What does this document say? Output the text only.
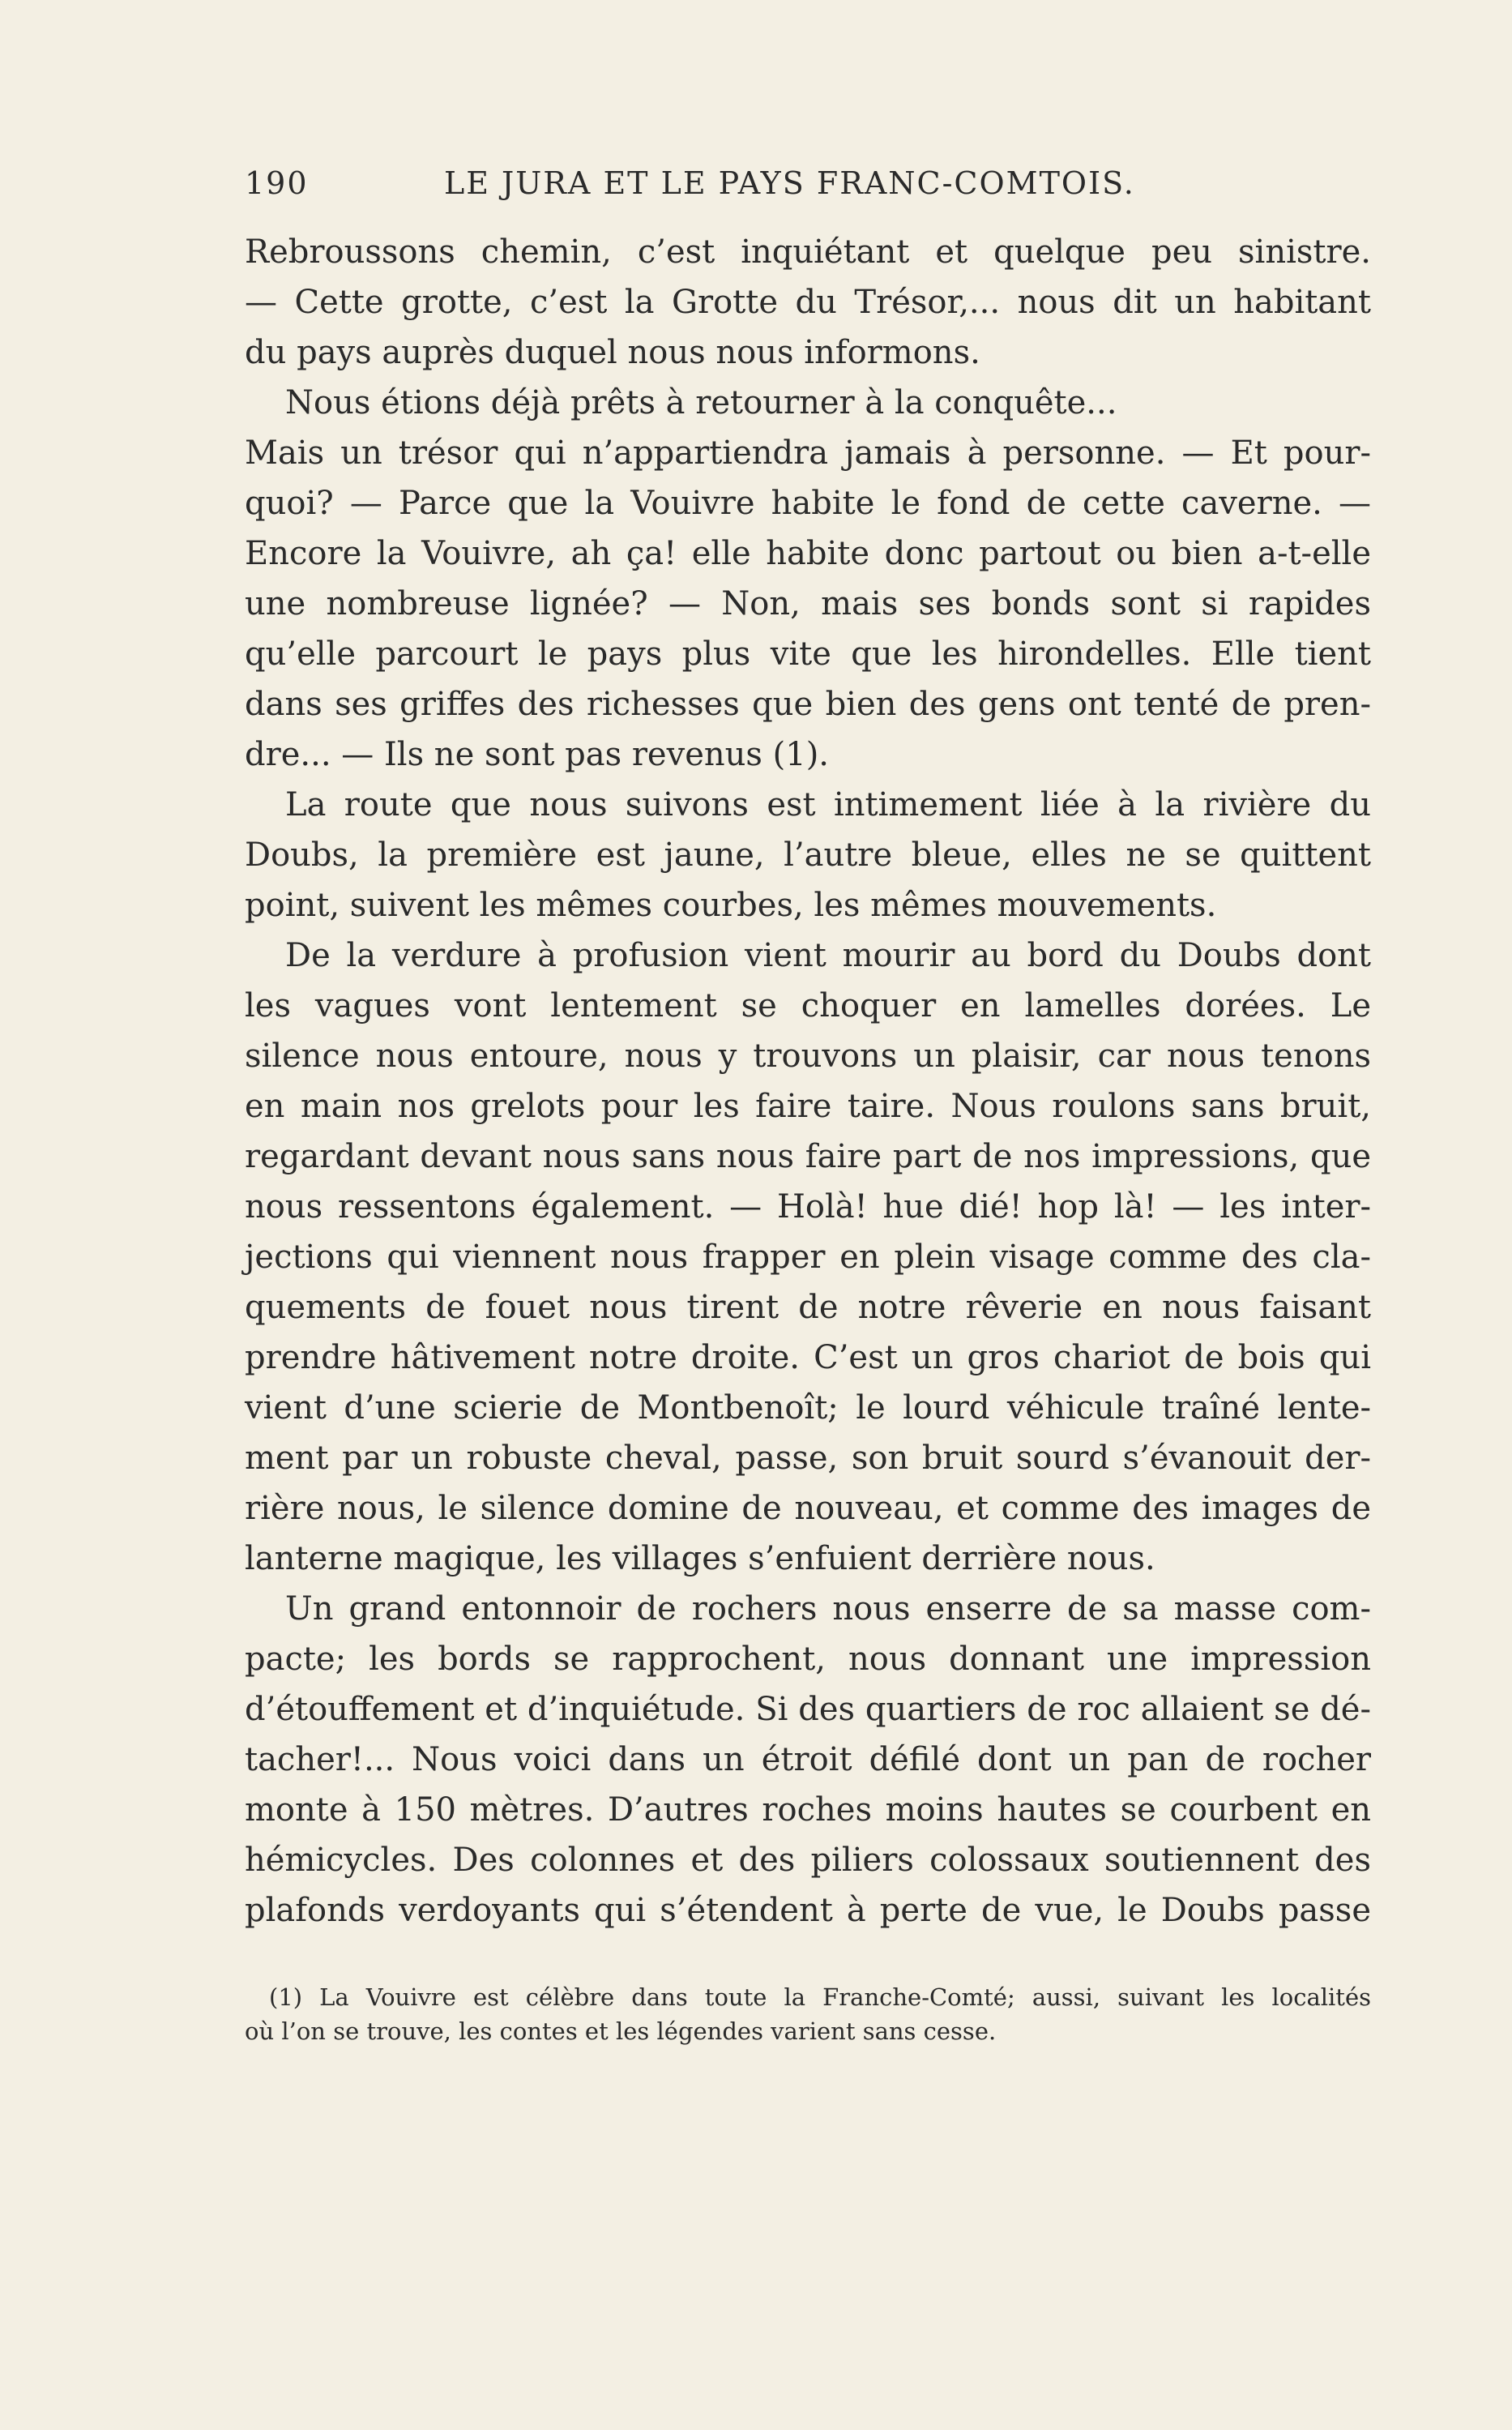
190	LE JURA ET LE PAYS FRANC-COMTOIS.
Rebroussons chemin, c’est inquiétant et quelque peu sinistre.
— Cette grotte, c’est la Grotte du Trésor,... nous dit un habitant
du pays auprès duquel nous nous informons.
Nous étions déjà prêts à retourner à la conquête...
Mais un trésor qui n’appartiendra jamais à personne. — Et pour-
quoi? — Parce que la Vouivre habite le fond de cette caverne. —
Encore la Vouivre, ah ça! elle habite donc partout ou bien a-t-elle
une nombreuse lignée? — Non, mais ses bonds sont si rapides
qu’elle parcourt le pays plus vite que les hirondelles. Elle tient
dans ses griffes des richesses que bien des gens ont tenté de pren-
dre... — Ils ne sont pas revenus (1).
La route que nous suivons est intimement liée à la rivière du
Doubs, la première est jaune, l’autre bleue, elles ne se quittent
point, suivent les mêmes courbes, les mêmes mouvements.
De la verdure à profusion vient mourir au bord du Doubs dont
les vagues vont lentement se choquer en lamelles dorées. Le
silence nous entoure, nous y trouvons un plaisir, car nous tenons
en main nos grelots pour les faire taire. Nous roulons sans bruit,
regardant devant nous sans nous faire part de nos impressions, que
nous ressentons également. — Holà! hue dié! hop là! — les inter-
jections qui viennent nous frapper en plein visage comme des cla-
quements de fouet nous tirent de notre rêverie en nous faisant
prendre hâtivement notre droite. C’est un gros chariot de bois qui
vient d’une scierie de Montbenoît; le lourd véhicule traîné lente-
ment par un robuste cheval, passe, son bruit sourd s’évanouit der-
rière nous, le silence domine de nouveau, et comme des images de
lanterne magique, les villages s’enfuient derrière nous.
Un grand entonnoir de rochers nous enserre de sa masse com-
pacte; les bords se rapprochent, nous donnant une impression
d’étouffement et d’inquiétude. Si des quartiers de roc allaient se dé-
tacher!... Nous voici dans un étroit défilé dont un pan de rocher
monte à 150 mètres. D’autres roches moins hautes se courbent en
hémicycles. Des colonnes et des piliers colossaux soutiennent des
plafonds verdoyants qui s’étendent à perte de vue, le Doubs passe
(1) La Vouivre est célèbre dans toute la Franche-Comté; aussi, suivant les localités
où l’on se trouve, les contes et les légendes varient sans cesse.
